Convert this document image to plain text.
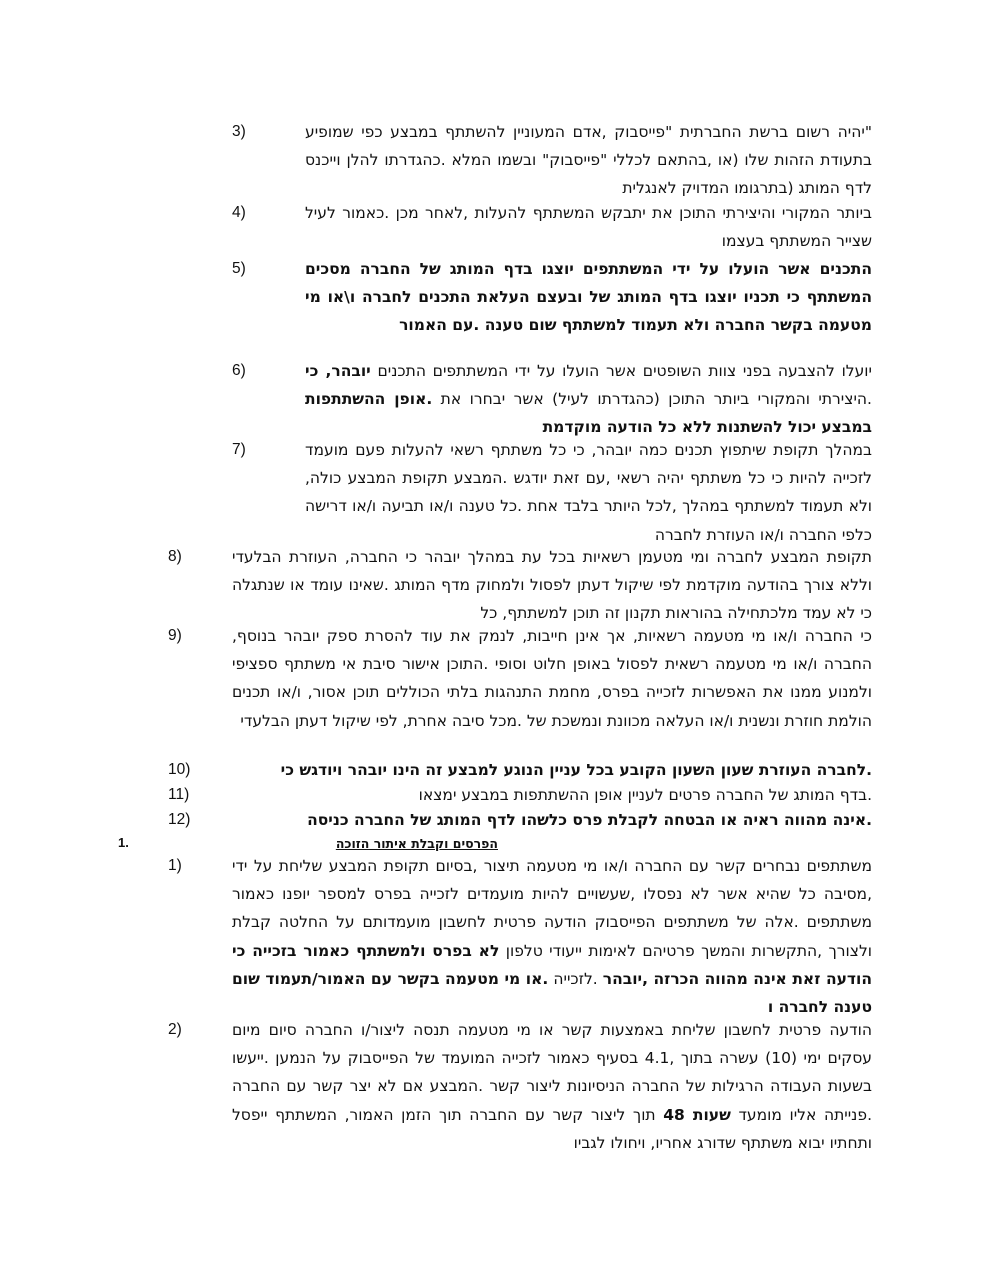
3)	"יהיה רשום ברשת החברתית "פייסבוק ,אדם המעוניין להשתתף במבצע כפי שמופיע בתעודת הזהות שלו (או ,בהתאם לכללי "פייסבוק" ובשמו המלא .כהגדרתו להלן וייכנס לדף המותג (בתרגומו המדויק לאנגלית
4)	ביותר המקורי והיצירתי התוכן את יתבקש המשתתף להעלות ,לאחר מכן .כאמור לעיל שצייר המשתתף בעצמו
5)	התכנים אשר הועלו על ידי המשתתפים יוצגו בדף המותג של החברה מסכים המשתתף כי תכניו יוצגו בדף המותג של ובעצם העלאת התכנים לחברה ו\או מי מטעמה בקשר החברה ולא תעמוד למשתתף שום טענה .עם האמור
6)	יועלו להצבעה בפני צוות השופטים אשר הועלו על ידי המשתתפים התכנים יובהר, כי .היצירתי והמקורי ביותר התוכן (כהגדרתו לעיל) אשר יבחרו את .אופן ההשתתפות במבצע יכול להשתנות ללא כל הודעה מוקדמת
7)	במהלך תקופת שיתפוץ תכנים כמה יובהר, כי כל משתתף רשאי להעלות פעם מועמד לזכייה להיות כי כל משתתף יהיה רשאי ,עם זאת יודגש .המבצע תקופת המבצע כולה, ולא תעמוד למשתתף במהלך ,לכל היותר בלבד אחת .כל טענה ו/או תביעה ו/או דרישה כלפי החברה ו/או העוזרת לחברה
8)	תקופת המבצע לחברה ומי מטעמן רשאיות בכל עת במהלך יובהר כי החברה, העוזרת הבלעדי וללא צורך בהודעה מוקדמת לפי שיקול דעתן לפסול ולמחוק מדף המותג .שאינו עומד או שנתגלה כי לא עמד מלכתחילה בהוראות תקנון זה תוכן למשתתף, כל
9)	כי החברה ו/או מי מטעמה רשאיות, אך אינן חייבות, לנמק את עוד להסרת ספק יובהר בנוסף, החברה ו/או מי מטעמה רשאית לפסול באופן חלוט וסופי .התוכן אישור סיבת אי משתתף ספציפי ולמנוע ממנו את האפשרות לזכייה בפרס, מחמת התנהגות בלתי הכוללים תוכן אסור, ו/או תכנים הולמת חוזרת ונשנית ו/או העלאה מכוונת ונמשכת של .מכל סיבה אחרת, לפי שיקול דעתן הבלעדי
10)	.לחברה העוזרת שעון השעון הקובע בכל עניין הנוגע למבצע זה הינו יובהר ויודגש כי
11)	.בדף המותג של החברה פרטים לעניין אופן ההשתתפות במבצע ימצאו
12)	.אינה מהווה ראיה או הבטחה לקבלת פרס כלשהו לדף המותג של החברה כניסה
1.	הפרסים וקבלת איתור הזוכה
1)	משתתפים נבחרים קשר עם החברה ו/או מי מטעמה תיצור ,בסיום תקופת המבצע שליחת על ידי ,מסיבה כל שהיא אשר לא נפסלו ,שעשויים להיות מועמדים לזכייה בפרס למספר יופנו כאמור משתתפים .אלה של משתתפים הפייסבוק הודעה פרטית לחשבון מועמדותם על החלטה קבלת ולצורך ,התקשרות והמשך פרטיהם לאימות ייעודי טלפון לא בפרס ולמשתתף כאמור בזכייה כי הודעה זאת אינה מהווה הכרזה ,יובהר .לזכייה .או מי מטעמה בקשר עם האמור/תעמוד שום טענה לחברה ו
2)	הודעה פרטית לחשבון שליחת באמצעות קשר או מי מטעמה תנסה ליצור/ו החברה סיום מיום עסקים ימי (10) עשרה בתוך ,4.1 בסעיף כאמור לזכייה המועמד של הפייסבוק על הנמען .ייעשו בשעות העבודה הרגילות של החברה הניסיונות ליצור קשר .המבצע אם לא יצר קשר עם החברה .פנייתה אליו מומעד שעות 48 תוך ליצור קשר עם החברה תוך הזמן האמור, המשתתף ייפסל ותחתיו יבוא משתתף שדורג אחריו, ויחולו לגביו
